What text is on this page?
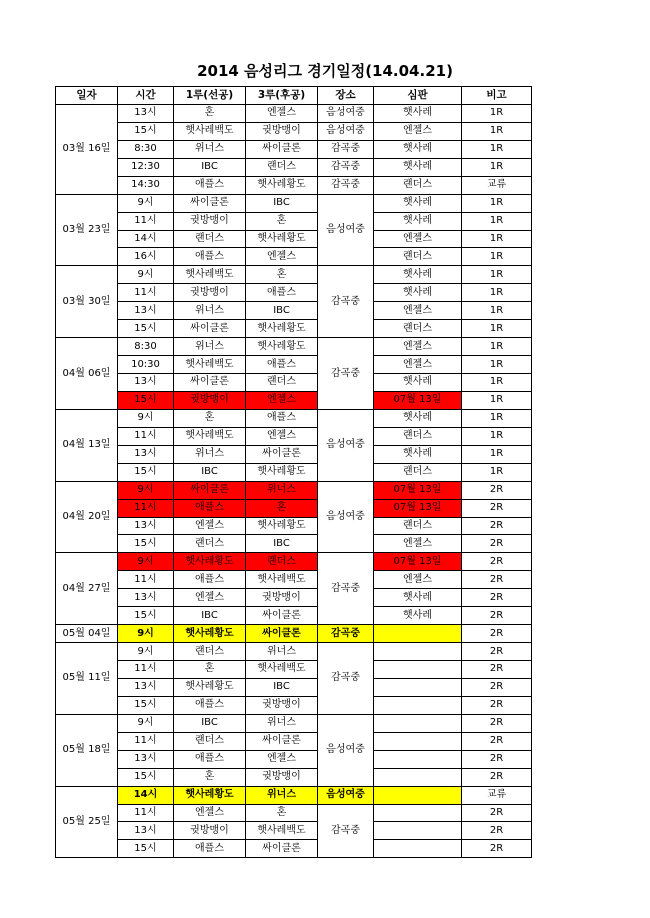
2014 음성리그 경기일정(14.04.21)
일자	시간	1루(선공)	3루(후공)	장소	심판	비고
03월 16일	13시	혼	엔젤스	음성여중	햇사레	1R
	15시	햇사레백도	귓방맹이	음성여중	엔젤스	1R
	8:30	위너스	싸이클론	감곡중	햇사레	1R
	12:30	IBC	랜더스	감곡중	햇사레	1R
	14:30	애플스	햇사레황도	감곡중	랜더스	교류
03월 23일	9시	싸이클론	IBC	음성여중	햇사레	1R
	11시	귓방맹이	혼		햇사레	1R
	14시	랜더스	햇사레황도		엔젤스	1R
	16시	애플스	엔젤스		랜더스	1R
03월 30일	9시	햇사레백도	혼	감곡중	햇사레	1R
	11시	귓방맹이	애플스		햇사레	1R
	13시	위너스	IBC		엔젤스	1R
	15시	싸이클론	햇사레황도		랜더스	1R
04월 06일	8:30	위너스	햇사레황도	감곡중	엔젤스	1R
	10:30	햇사레백도	애플스		엔젤스	1R
	13시	싸이클론	랜더스		햇사레	1R
	15시	귓방맹이	엔젤스		07월 13일	1R
04월 13일	9시	혼	애플스	음성여중	햇사레	1R
	11시	햇사레백도	엔젤스		랜더스	1R
	13시	위너스	싸이클론		햇사레	1R
	15시	IBC	햇사레황도		랜더스	1R
04월 20일	9시	싸이클론	위너스	음성여중	07월 13일	2R
	11시	애플스	혼		07월 13일	2R
	13시	엔젤스	햇사레황도		랜더스	2R
	15시	랜더스	IBC		엔젤스	2R
04월 27일	9시	햇사레황도	랜더스	감곡중	07월 13일	2R
	11시	애플스	햇사레백도		엔젤스	2R
	13시	엔젤스	귓방맹이		햇사레	2R
	15시	IBC	싸이클론		햇사레	2R
05월 04일	9시	햇사레황도	싸이클론	감곡중		2R
05월 11일	9시	랜더스	위너스	감곡중		2R
	11시	혼	햇사레백도			2R
	13시	햇사레황도	IBC			2R
	15시	애플스	귓방맹이			2R
05월 18일	9시	IBC	위너스	음성여중		2R
	11시	랜더스	싸이클론			2R
	13시	애플스	엔젤스			2R
	15시	혼	귓방맹이			2R
05월 25일	14시	햇사레황도	위너스	음성여중		교류
	11시	엔젤스	혼	감곡중		2R
	13시	귓방맹이	햇사레백도			2R
	15시	애플스	싸이클론			2R
